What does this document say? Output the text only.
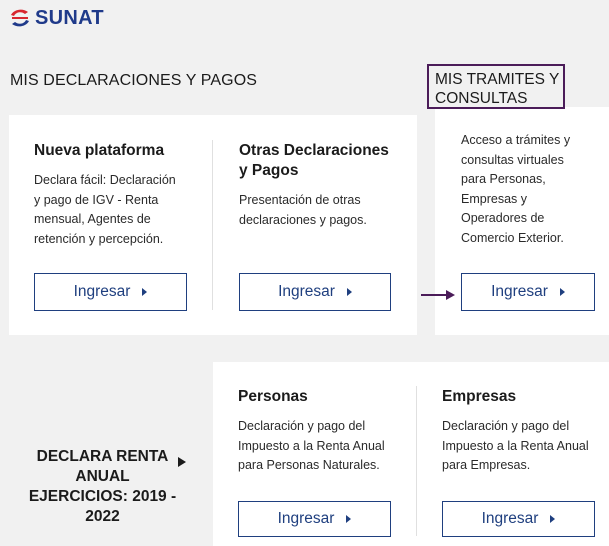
SUNAT
MIS DECLARACIONES Y PAGOS
Nueva plataforma
Declara fácil: Declaración
y pago de IGV - Renta
mensual, Agentes de
retención y percepción.
Ingresar
Otras Declaraciones
y Pagos
Presentación de otras
declaraciones y pagos.
Ingresar
MIS TRAMITES Y CONSULTAS
Acceso a trámites y
consultas virtuales
para Personas,
Empresas y
Operadores de
Comercio Exterior.
Ingresar
DECLARA RENTA
ANUAL
EJERCICIOS: 2019 -
2022
Personas
Declaración y pago del
Impuesto a la Renta Anual
para Personas Naturales.
Ingresar
Empresas
Declaración y pago del
Impuesto a la Renta Anual
para Empresas.
Ingresar
